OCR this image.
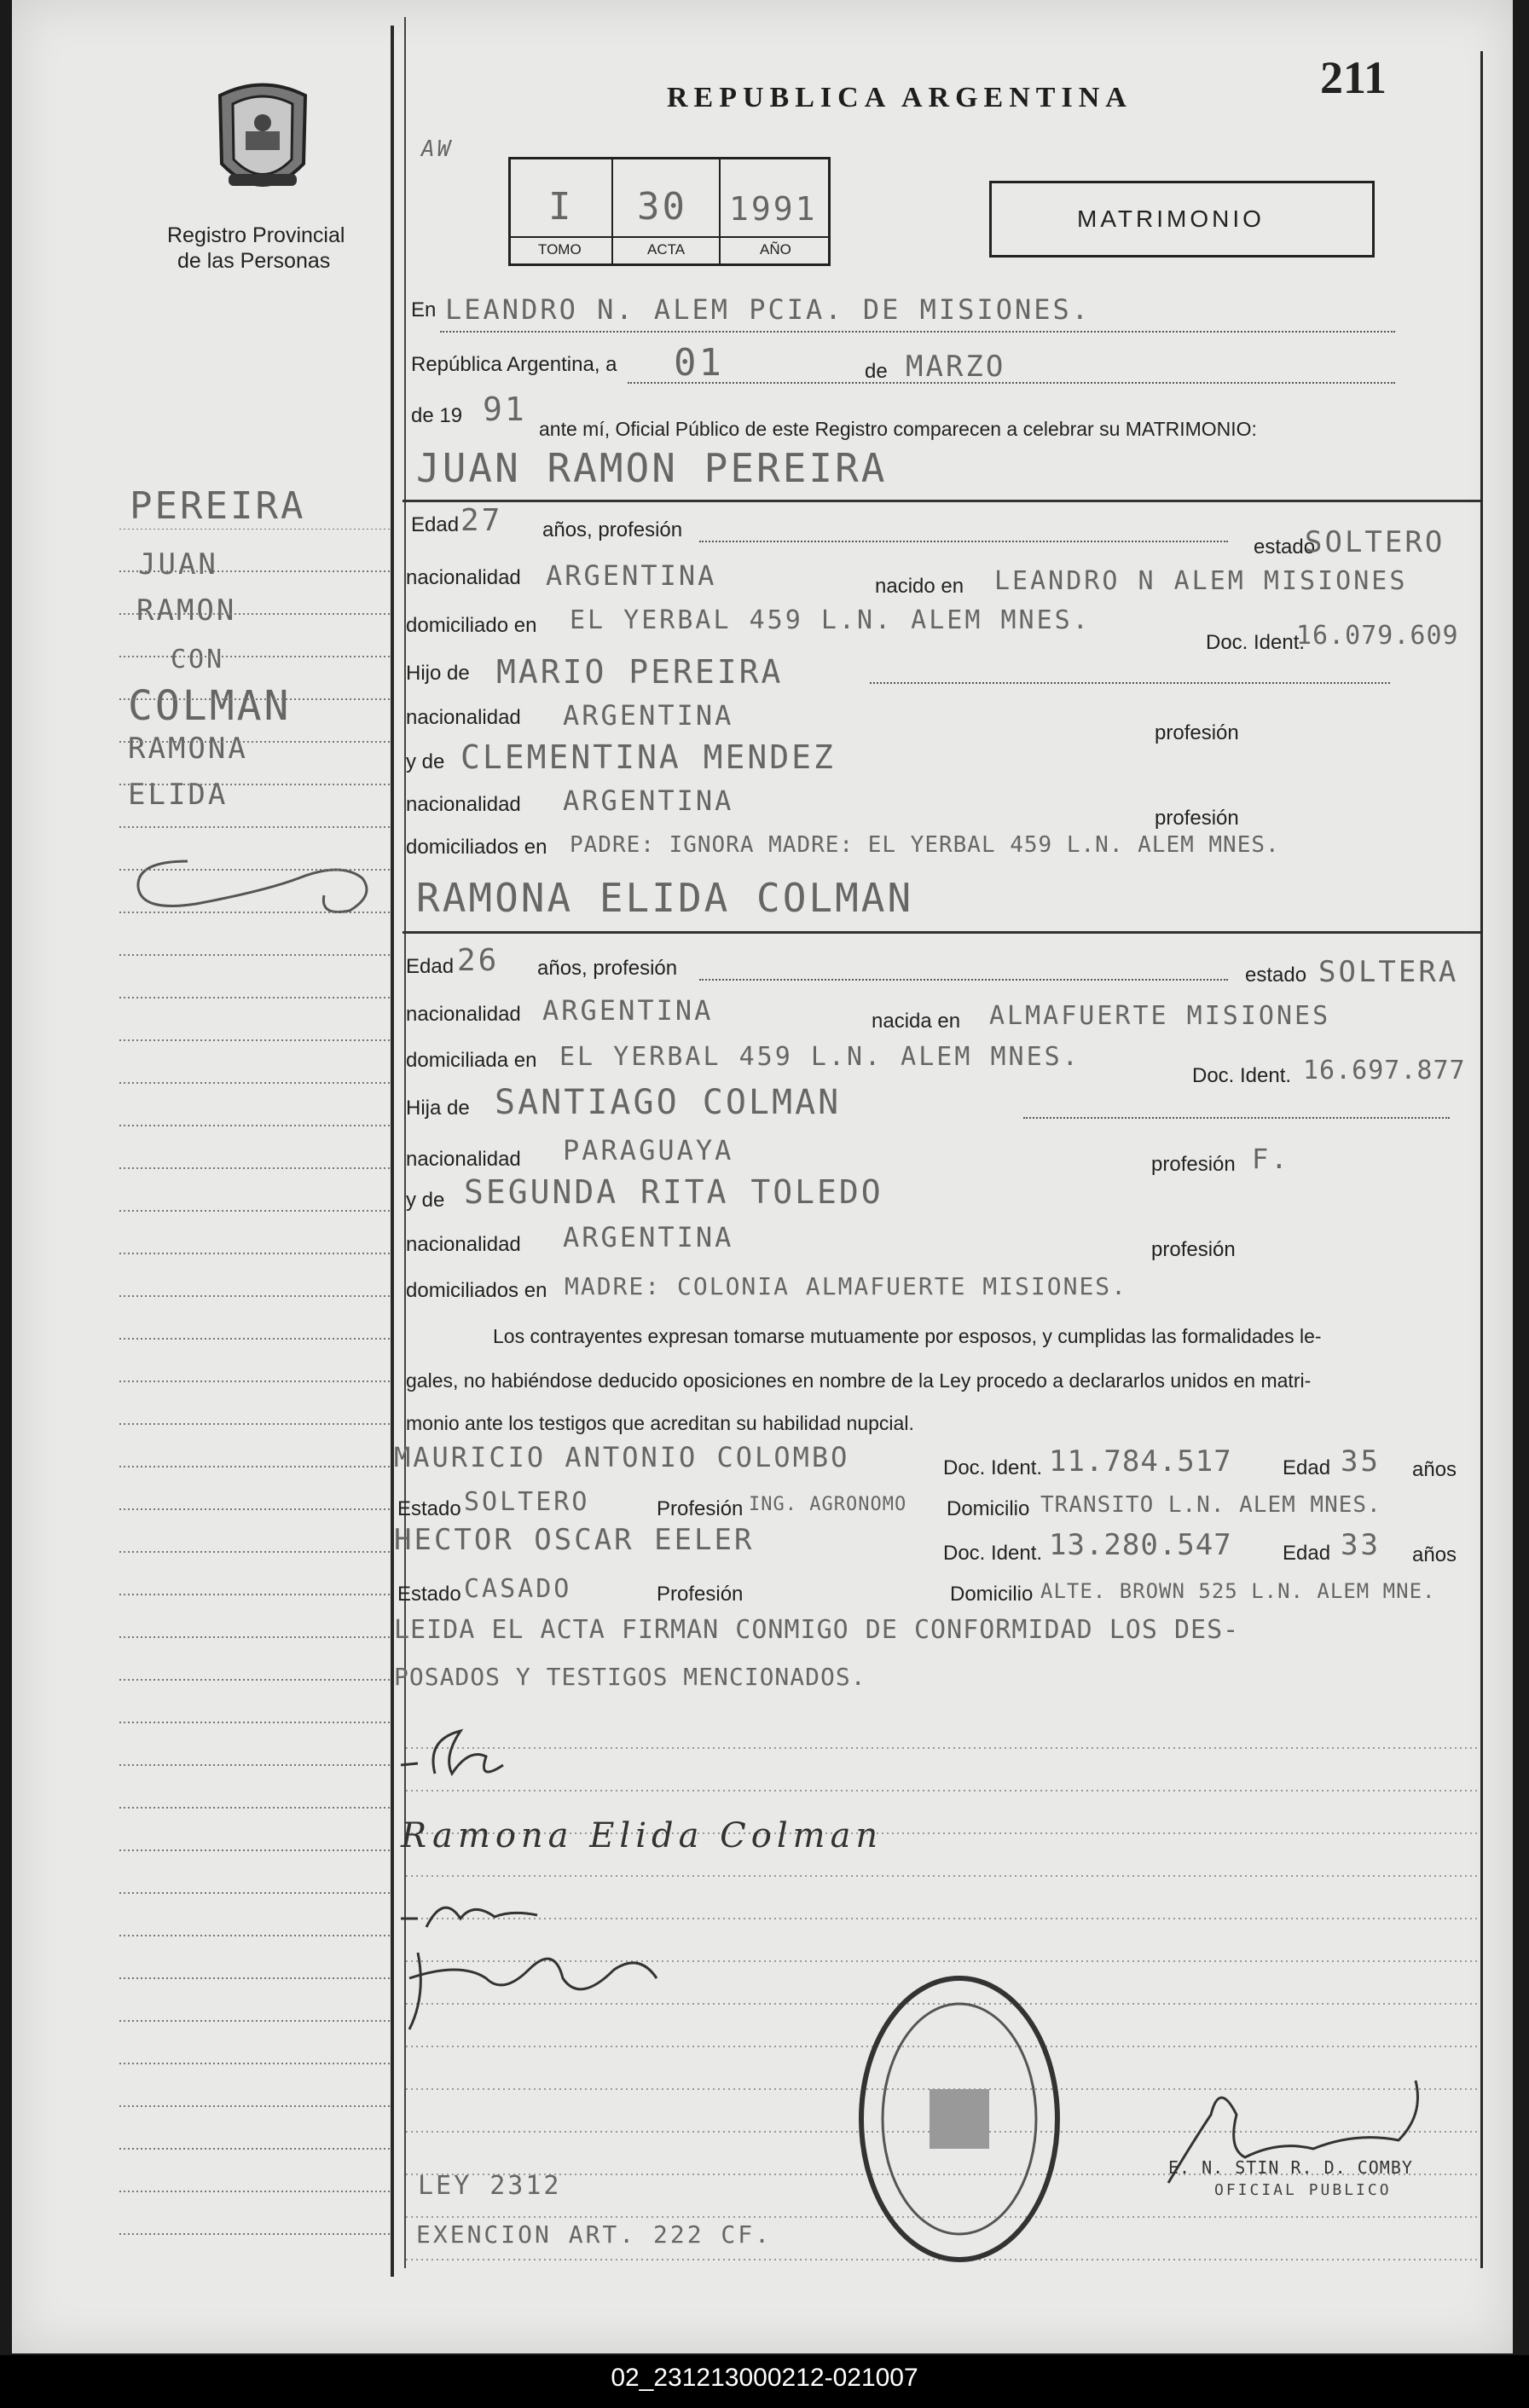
REPUBLICA ARGENTINA	211
Registro Provincial
de las Personas
AW
I 30 1991
TOMO	ACTA	AÑO
MATRIMONIO
PEREIRA
JUAN
RAMON
CON
COLMAN
RAMONA
ELIDA
En LEANDRO N. ALEM PCIA. DE MISIONES.
República Argentina, a 01	de MARZO
de 19 91
ante mí, Oficial Público de este Registro comparecen a celebrar su MATRIMONIO:
JUAN RAMON PEREIRA
Edad 27 años, profesión
estado
SOLTERO
nacionalidad ARGENTINA	nacido en LEANDRO N ALEM MISIONES
domiciliado en EL YERBAL 459 L.N. ALEM MNES.
Doc. Ident.
16.079.609
Hijo de MARIO PEREIRA
nacionalidad ARGENTINA
profesión
y de CLEMENTINA MENDEZ
nacionalidad ARGENTINA
profesión
domiciliados en PADRE: IGNORA MADRE: EL YERBAL 459 L.N. ALEM MNES.
RAMONA ELIDA COLMAN
Edad 26 años, profesión	estado SOLTERA
nacionalidad ARGENTINA	nacida en ALMAFUERTE MISIONES
domiciliada en EL YERBAL 459 L.N. ALEM MNES.
Doc. Ident. 16.697.877
Hija de SANTIAGO COLMAN
nacionalidad PARAGUAYA	profesión F.
y de SEGUNDA RITA TOLEDO
nacionalidad ARGENTINA	profesión
domiciliados en MADRE: COLONIA ALMAFUERTE MISIONES.
Los contrayentes expresan tomarse mutuamente por esposos, y cumplidas las formalidades le-
gales, no habiéndose deducido oposiciones en nombre de la Ley procedo a declararlos unidos en matri-
monio ante los testigos que acreditan su habilidad nupcial.
MAURICIO ANTONIO COLOMBO	Doc. Ident. 11.784.517 Edad 35 años
Estado SOLTERO	Profesión ING. AGRONOMO Domicilio TRANSITO L.N. ALEM MNES.
HECTOR OSCAR EELER	Doc. Ident. 13.280.547 Edad 33 años
Estado CASADO	Profesión	Domicilio ALTE. BROWN 525 L.N. ALEM MNE.
LEIDA EL ACTA FIRMAN CONMIGO DE CONFORMIDAD LOS DES-
POSADOS Y TESTIGOS MENCIONADOS.
Ramona Elida Colman
E. N. STIN R. D. COMBY
OFICIAL PUBLICO
LEY 2312
EXENCION ART. 222 CF.
02_231213000212-021007
